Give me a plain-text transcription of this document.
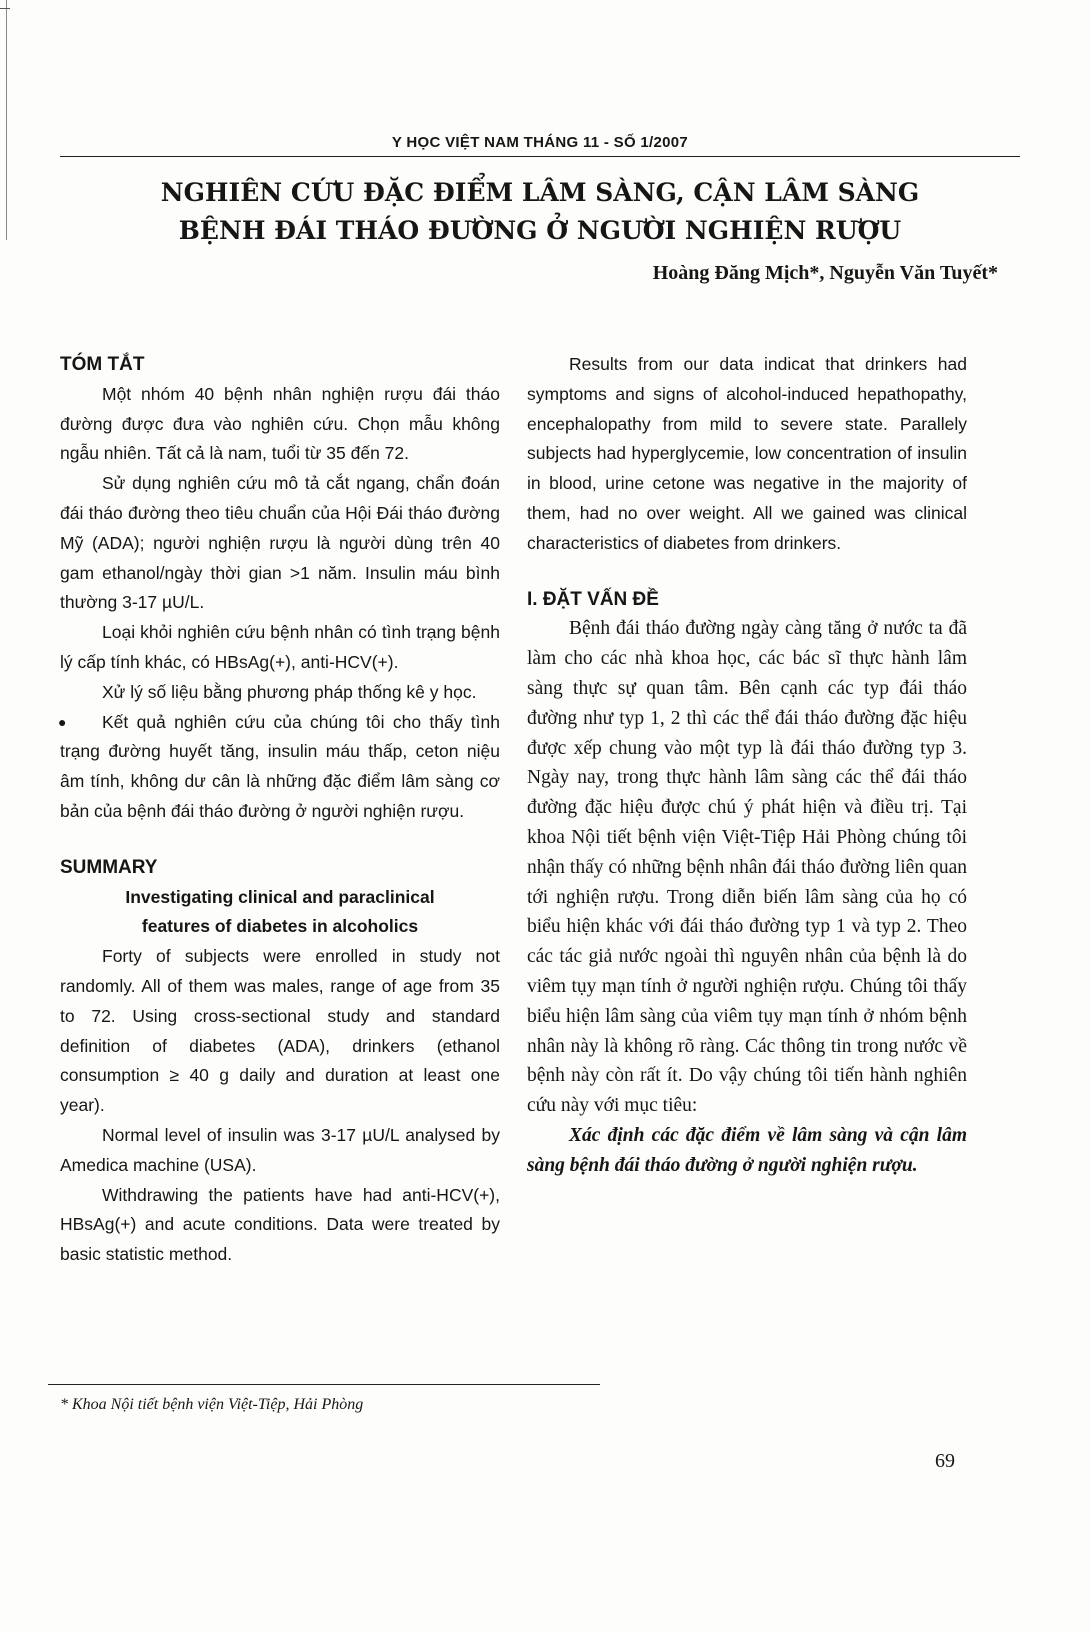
Y HỌC VIỆT NAM THÁNG 11 - SỐ 1/2007
NGHIÊN CỨU ĐẶC ĐIỂM LÂM SÀNG, CẬN LÂM SÀNG
BỆNH ĐÁI THÁO ĐƯỜNG Ở NGƯỜI NGHIỆN RƯỢU
Hoàng Đăng Mịch*, Nguyễn Văn Tuyết*
TÓM TẮT

Một nhóm 40 bệnh nhân nghiện rượu đái tháo đường được đưa vào nghiên cứu. Chọn mẫu không ngẫu nhiên. Tất cả là nam, tuổi từ 35 đến 72.

Sử dụng nghiên cứu mô tả cắt ngang, chẩn đoán đái tháo đường theo tiêu chuẩn của Hội Đái tháo đường Mỹ (ADA); người nghiện rượu là người dùng trên 40 gam ethanol/ngày thời gian >1 năm. Insulin máu bình thường 3-17 µU/L.

Loại khỏi nghiên cứu bệnh nhân có tình trạng bệnh lý cấp tính khác, có HBsAg(+), anti-HCV(+).

Xử lý số liệu bằng phương pháp thống kê y học.

●	Kết quả nghiên cứu của chúng tôi cho thấy tình trạng đường huyết tăng, insulin máu thấp, ceton niệu âm tính, không dư cân là những đặc điểm lâm sàng cơ bản của bệnh đái tháo đường ở người nghiện rượu.

SUMMARY

Investigating clinical and paraclinical

features of diabetes in alcoholics

Forty of subjects were enrolled in study not randomly. All of them was males, range of age from 35 to 72. Using cross-sectional study and standard definition of diabetes (ADA), drinkers (ethanol consumption ≥ 40 g daily and duration at least one year).

Normal level of insulin was 3-17 µU/L analysed by Amedica machine (USA).

Withdrawing the patients have had anti-HCV(+), HBsAg(+) and acute conditions. Data were treated by basic statistic method.

Results from our data indicat that drinkers had symptoms and signs of alcohol-induced hepathopathy, encephalopathy from mild to severe state. Parallely subjects had hyperglycemie, low concentration of insulin in blood, urine cetone was negative in the majority of them, had no over weight. All we gained was clinical characteristics of diabetes from drinkers.

I. ĐẶT VẤN ĐỀ

Bệnh đái tháo đường ngày càng tăng ở nước ta đã làm cho các nhà khoa học, các bác sĩ thực hành lâm sàng thực sự quan tâm. Bên cạnh các typ đái tháo đường như typ 1, 2 thì các thể đái tháo đường đặc hiệu được xếp chung vào một typ là đái tháo đường typ 3. Ngày nay, trong thực hành lâm sàng các thể đái tháo đường đặc hiệu được chú ý phát hiện và điều trị. Tại khoa Nội tiết bệnh viện Việt-Tiệp Hải Phòng chúng tôi nhận thấy có những bệnh nhân đái tháo đường liên quan tới nghiện rượu. Trong diễn biến lâm sàng của họ có biểu hiện khác với đái tháo đường typ 1 và typ 2. Theo các tác giả nước ngoài thì nguyên nhân của bệnh là do viêm tụy mạn tính ở người nghiện rượu. Chúng tôi thấy biểu hiện lâm sàng của viêm tụy mạn tính ở nhóm bệnh nhân này là không rõ ràng. Các thông tin trong nước về bệnh này còn rất ít. Do vậy chúng tôi tiến hành nghiên cứu này với mục tiêu:

Xác định các đặc điểm về lâm sàng và cận lâm sàng bệnh đái tháo đường ở người nghiện rượu.

* Khoa Nội tiết bệnh viện Việt-Tiệp, Hải Phòng
69
